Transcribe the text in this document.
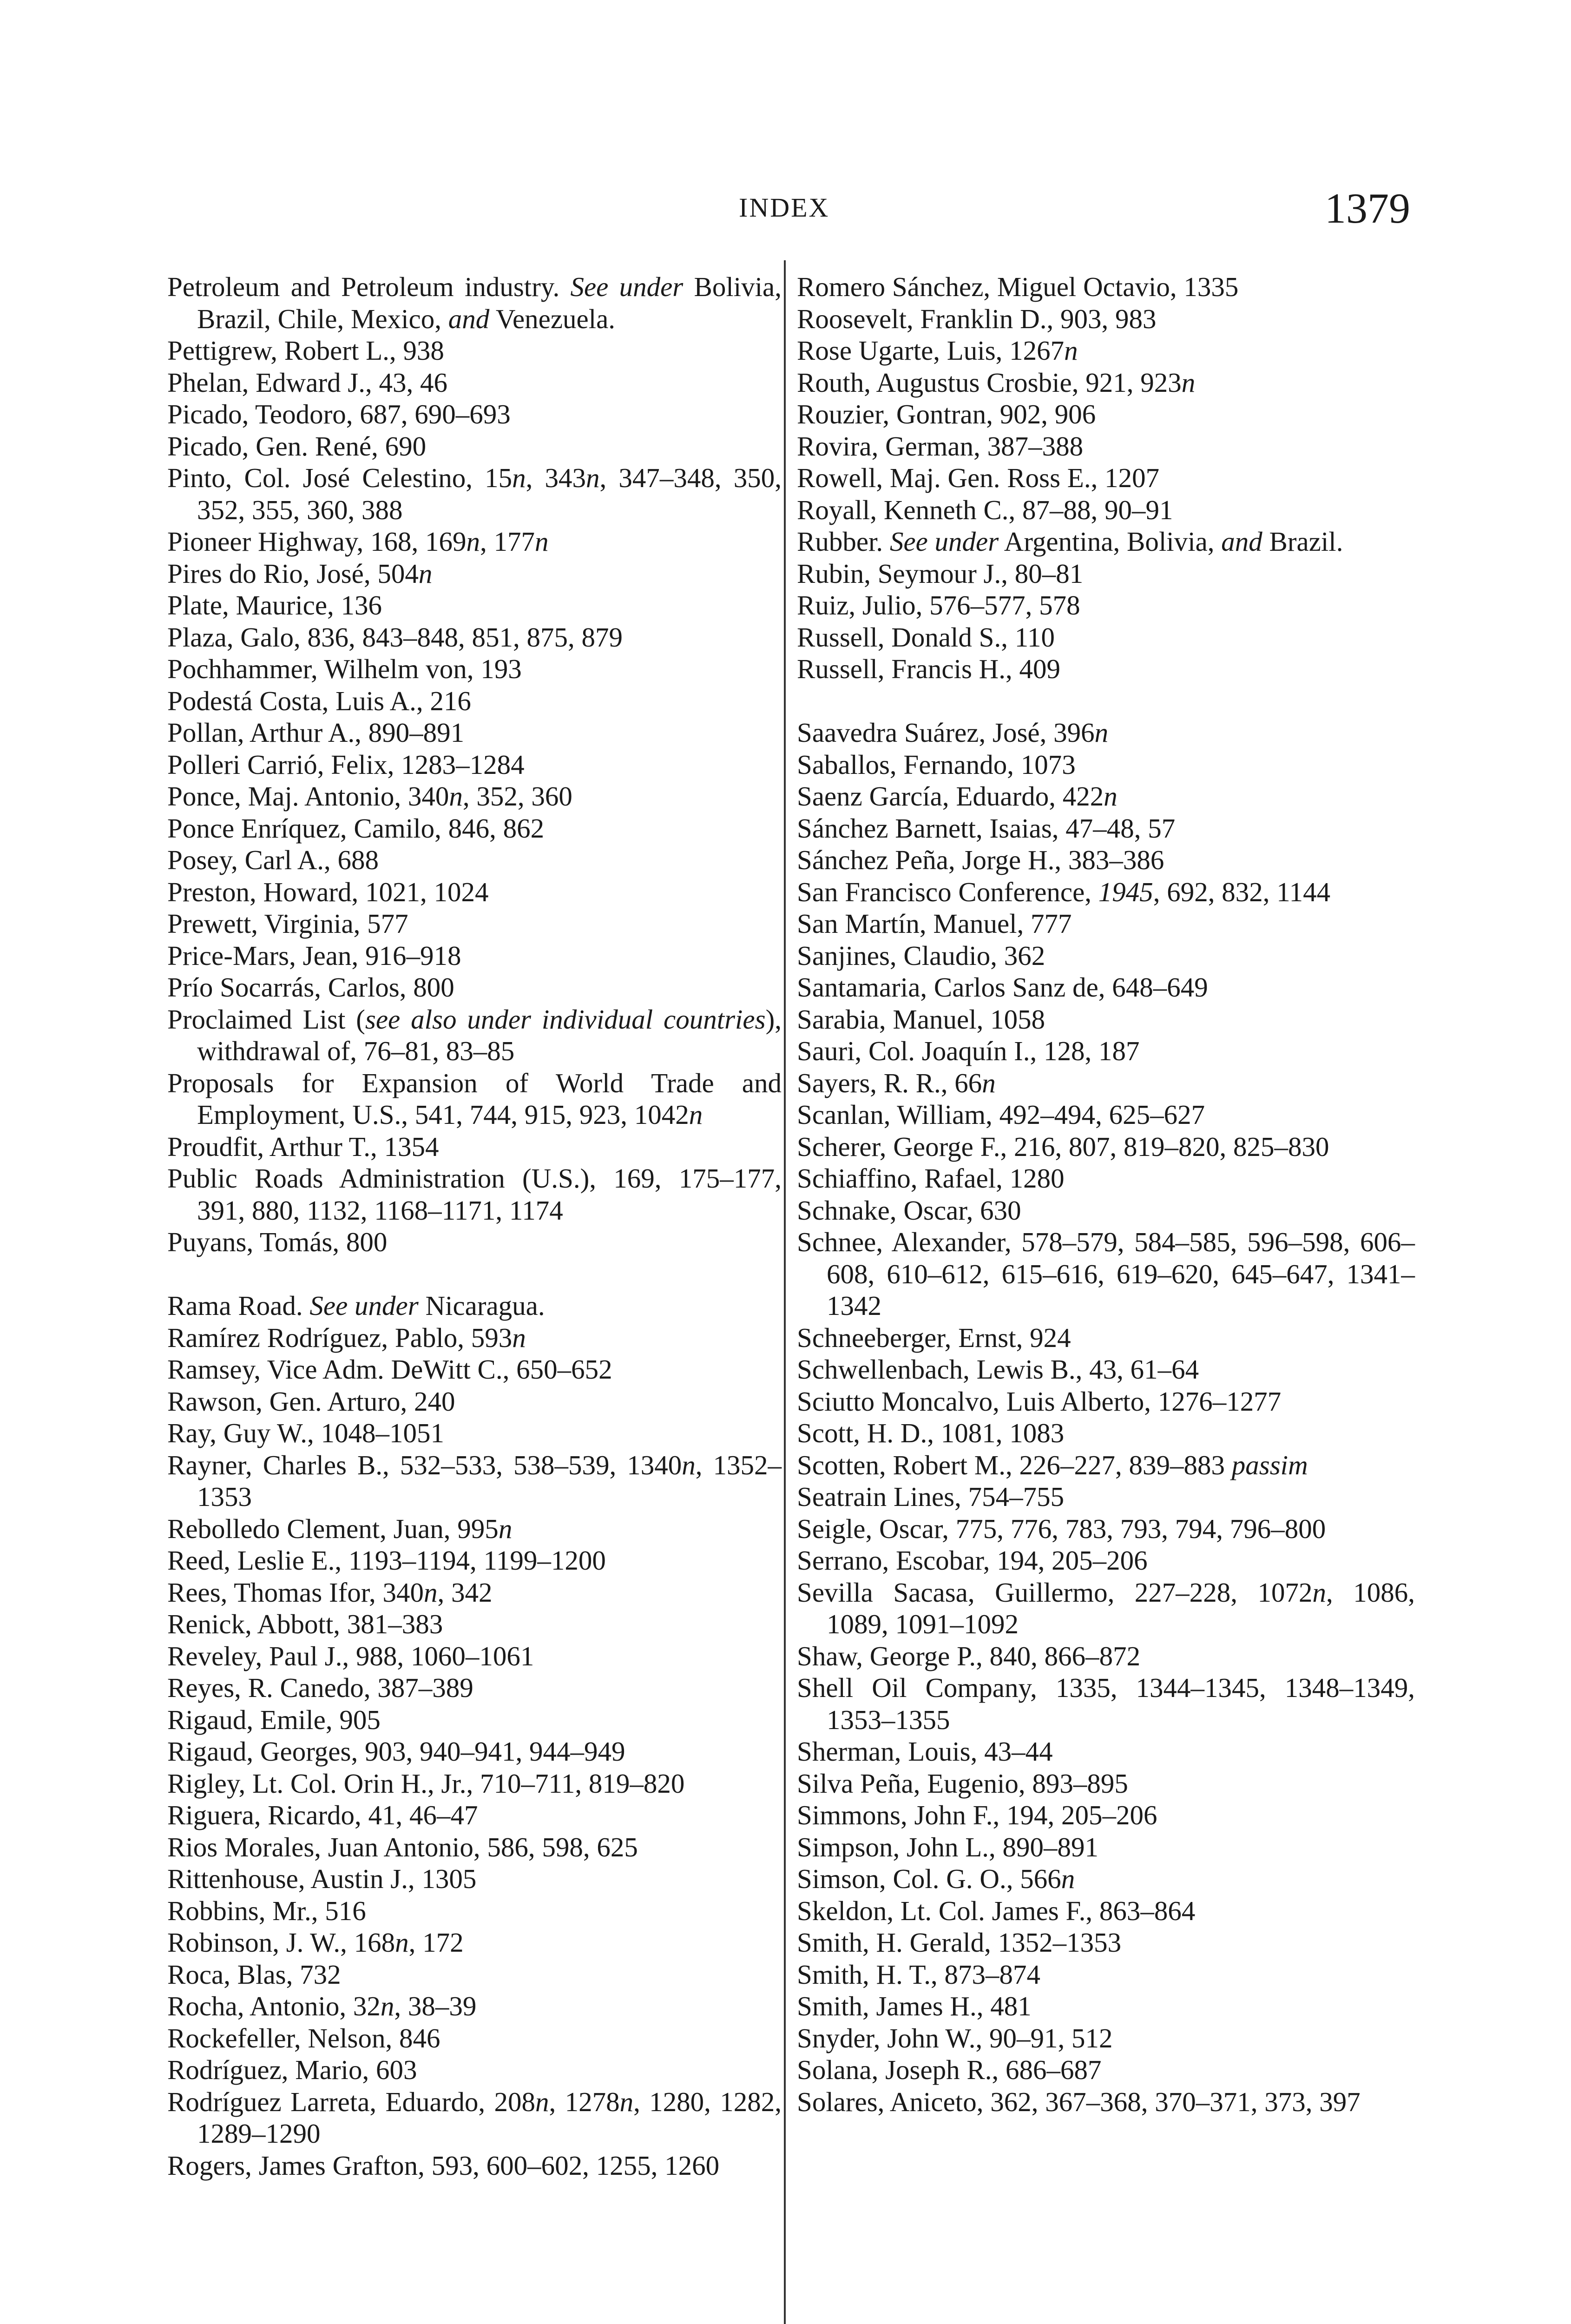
INDEX	1379

Petroleum and Petroleum industry. See under Bolivia, Brazil, Chile, Mexico, and Venezuela.

Pettigrew, Robert L., 938

Phelan, Edward J., 43, 46

Picado, Teodoro, 687, 690–693

Picado, Gen. René, 690

Pinto, Col. José Celestino, 15n, 343n, 347–348, 350, 352, 355, 360, 388

Pioneer Highway, 168, 169n, 177n

Pires do Rio, José, 504n

Plate, Maurice, 136

Plaza, Galo, 836, 843–848, 851, 875, 879

Pochhammer, Wilhelm von, 193

Podestá Costa, Luis A., 216

Pollan, Arthur A., 890–891

Polleri Carrió, Felix, 1283–1284

Ponce, Maj. Antonio, 340n, 352, 360

Ponce Enríquez, Camilo, 846, 862

Posey, Carl A., 688

Preston, Howard, 1021, 1024

Prewett, Virginia, 577

Price-Mars, Jean, 916–918

Prío Socarrás, Carlos, 800

Proclaimed List (see also under individual countries), withdrawal of, 76–81, 83–85

Proposals for Expansion of World Trade and Employment, U.S., 541, 744, 915, 923, 1042n

Proudfit, Arthur T., 1354

Public Roads Administration (U.S.), 169, 175–177, 391, 880, 1132, 1168–1171, 1174

Puyans, Tomás, 800

Rama Road. See under Nicaragua.

Ramírez Rodríguez, Pablo, 593n

Ramsey, Vice Adm. DeWitt C., 650–652

Rawson, Gen. Arturo, 240

Ray, Guy W., 1048–1051

Rayner, Charles B., 532–533, 538–539, 1340n, 1352–1353

Rebolledo Clement, Juan, 995n

Reed, Leslie E., 1193–1194, 1199–1200

Rees, Thomas Ifor, 340n, 342

Renick, Abbott, 381–383

Reveley, Paul J., 988, 1060–1061

Reyes, R. Canedo, 387–389

Rigaud, Emile, 905

Rigaud, Georges, 903, 940–941, 944–949

Rigley, Lt. Col. Orin H., Jr., 710–711, 819–820

Riguera, Ricardo, 41, 46–47

Rios Morales, Juan Antonio, 586, 598, 625

Rittenhouse, Austin J., 1305

Robbins, Mr., 516

Robinson, J. W., 168n, 172

Roca, Blas, 732

Rocha, Antonio, 32n, 38–39

Rockefeller, Nelson, 846

Rodríguez, Mario, 603

Rodríguez Larreta, Eduardo, 208n, 1278n, 1280, 1282, 1289–1290

Rogers, James Grafton, 593, 600–602, 1255, 1260

Romero Sánchez, Miguel Octavio, 1335

Roosevelt, Franklin D., 903, 983

Rose Ugarte, Luis, 1267n

Routh, Augustus Crosbie, 921, 923n

Rouzier, Gontran, 902, 906

Rovira, German, 387–388

Rowell, Maj. Gen. Ross E., 1207

Royall, Kenneth C., 87–88, 90–91

Rubber. See under Argentina, Bolivia, and Brazil.

Rubin, Seymour J., 80–81

Ruiz, Julio, 576–577, 578

Russell, Donald S., 110

Russell, Francis H., 409

Saavedra Suárez, José, 396n

Saballos, Fernando, 1073

Saenz García, Eduardo, 422n

Sánchez Barnett, Isaias, 47–48, 57

Sánchez Peña, Jorge H., 383–386

San Francisco Conference, 1945, 692, 832, 1144

San Martín, Manuel, 777

Sanjines, Claudio, 362

Santamaria, Carlos Sanz de, 648–649

Sarabia, Manuel, 1058

Sauri, Col. Joaquín I., 128, 187

Sayers, R. R., 66n

Scanlan, William, 492–494, 625–627

Scherer, George F., 216, 807, 819–820, 825–830

Schiaffino, Rafael, 1280

Schnake, Oscar, 630

Schnee, Alexander, 578–579, 584–585, 596–598, 606–608, 610–612, 615–616, 619–620, 645–647, 1341–1342

Schneeberger, Ernst, 924

Schwellenbach, Lewis B., 43, 61–64

Sciutto Moncalvo, Luis Alberto, 1276–1277

Scott, H. D., 1081, 1083

Scotten, Robert M., 226–227, 839–883 passim

Seatrain Lines, 754–755

Seigle, Oscar, 775, 776, 783, 793, 794, 796–800

Serrano, Escobar, 194, 205–206

Sevilla Sacasa, Guillermo, 227–228, 1072n, 1086, 1089, 1091–1092

Shaw, George P., 840, 866–872

Shell Oil Company, 1335, 1344–1345, 1348–1349, 1353–1355

Sherman, Louis, 43–44

Silva Peña, Eugenio, 893–895

Simmons, John F., 194, 205–206

Simpson, John L., 890–891

Simson, Col. G. O., 566n

Skeldon, Lt. Col. James F., 863–864

Smith, H. Gerald, 1352–1353

Smith, H. T., 873–874

Smith, James H., 481

Snyder, John W., 90–91, 512

Solana, Joseph R., 686–687

Solares, Aniceto, 362, 367–368, 370–371, 373, 397
